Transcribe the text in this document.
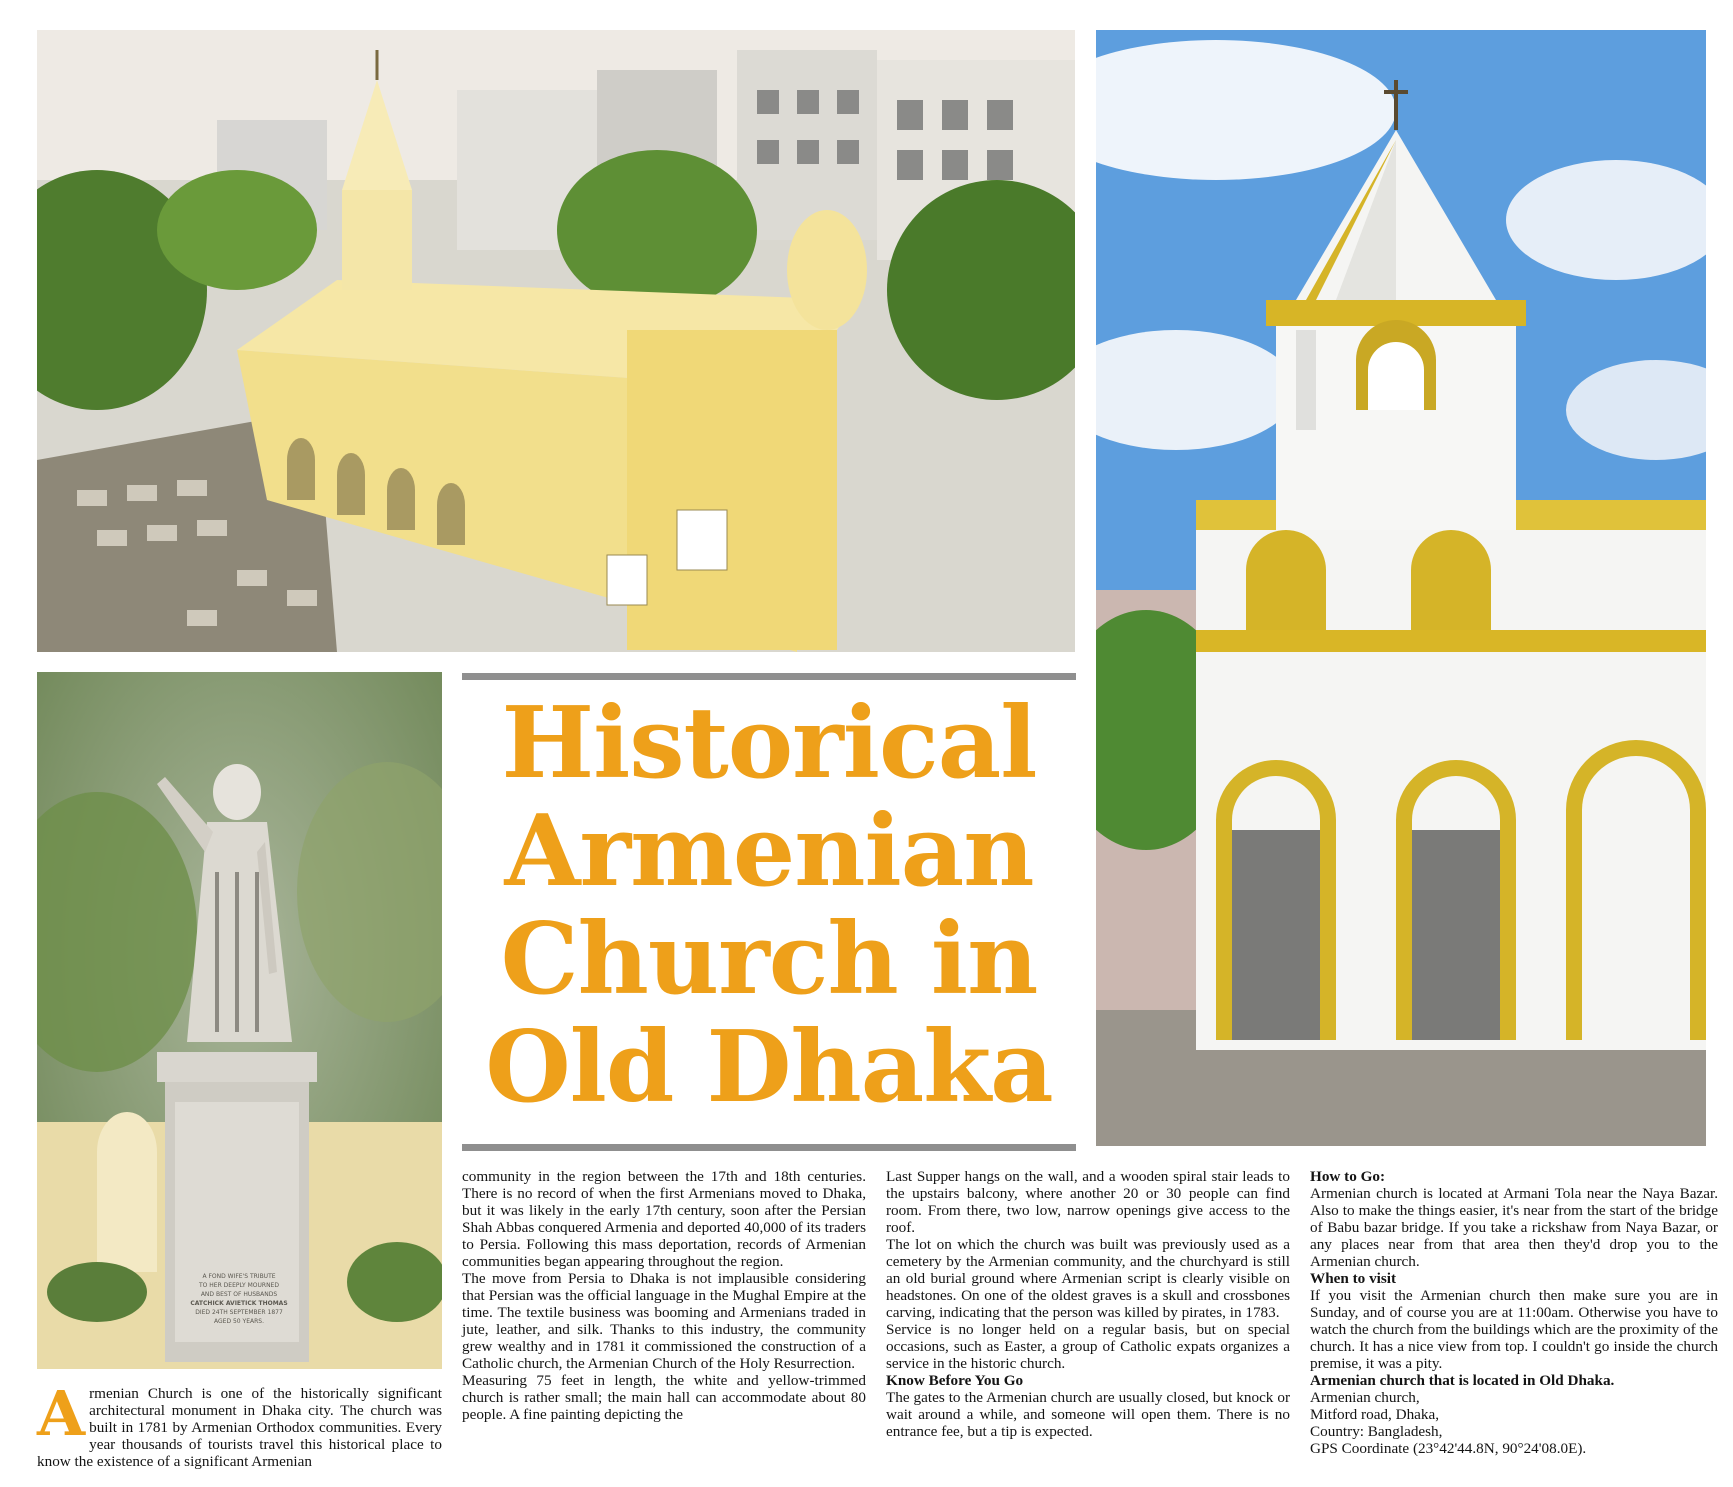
A FOND WIFE'S TRIBUTE
TO HER DEEPLY MOURNED
AND BEST OF HUSBANDS
CATCHICK AVIETICK THOMAS
DIED 24TH SEPTEMBER 1877
AGED 50 YEARS.
Historical
Armenian
Church in
Old Dhaka
A rmenian Church is one of the historically significant architectural monument in Dhaka city. The church was built in 1781 by Armenian Orthodox communities. Every year thousands of tourists travel this historical place to know the existence of a significant Armenian

community in the region between the 17th and 18th centuries. There is no record of when the first Armenians moved to Dhaka, but it was likely in the early 17th century, soon after the Persian Shah Abbas conquered Armenia and deported 40,000 of its traders to Persia. Following this mass deportation, records of Armenian communities began appearing throughout the region.

The move from Persia to Dhaka is not implausible considering that Persian was the official language in the Mughal Empire at the time. The textile business was booming and Armenians traded in jute, leather, and silk. Thanks to this industry, the community grew wealthy and in 1781 it commissioned the construction of a Catholic church, the Armenian Church of the Holy Resurrection.

Measuring 75 feet in length, the white and yellow-trimmed church is rather small; the main hall can accommodate about 80 people. A fine painting depicting the

Last Supper hangs on the wall, and a wooden spiral stair leads to the upstairs balcony, where another 20 or 30 people can find room. From there, two low, narrow openings give access to the roof.

The lot on which the church was built was previously used as a cemetery by the Armenian community, and the churchyard is still an old burial ground where Armenian script is clearly visible on headstones. On one of the oldest graves is a skull and crossbones carving, indicating that the person was killed by pirates, in 1783.

Service is no longer held on a regular basis, but on special occasions, such as Easter, a group of Catholic expats organizes a service in the historic church.

Know Before You Go

The gates to the Armenian church are usually closed, but knock or wait around a while, and someone will open them. There is no entrance fee, but a tip is expected.

How to Go:

Armenian church is located at Armani Tola near the Naya Bazar. Also to make the things easier, it's near from the start of the bridge of Babu bazar bridge. If you take a rickshaw from Naya Bazar, or any places near from that area then they'd drop you to the Armenian church.

When to visit

If you visit the Armenian church then make sure you are in Sunday, and of course you are at 11:00am. Otherwise you have to watch the church from the buildings which are the proximity of the church. It has a nice view from top. I couldn't go inside the church premise, it was a pity.

Armenian church that is located in Old Dhaka.

Armenian church,

Mitford road, Dhaka,

Country: Bangladesh,

GPS Coordinate (23°42'44.8N, 90°24'08.0E).
